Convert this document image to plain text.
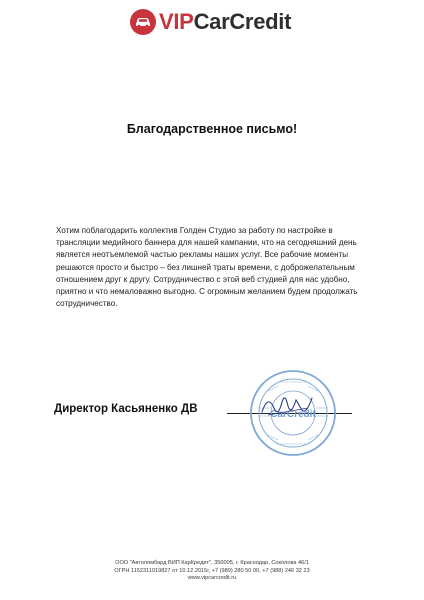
VIPCarCredit
Благодарственное письмо!
Хотим поблагодарить коллектив Голден Студио за работу по настройке в трансляции медийного баннера для нашей кампании, что на сегодняшний день является неотъемлемой частью рекламы наших услуг. Все рабочие моменты решаются просто и быстро – без лишней траты времени, с доброжелательным отношением друг к другу. Сотрудничество с этой веб студией для нас удобно, приятно и что немаловажно выгодно. С огромным желанием будем продолжать сотрудничество.
Директор Касьяненко ДВ	CarCredit
ООО "Автоломбард ВИП КарКредит", 350005, г. Краснодар, Соколова 46/1
ОГРН 1152311019827 от 10.12.2015г, +7 (989) 280 50 00, +7 (988) 246 32 23
www.vipcarcredit.ru
